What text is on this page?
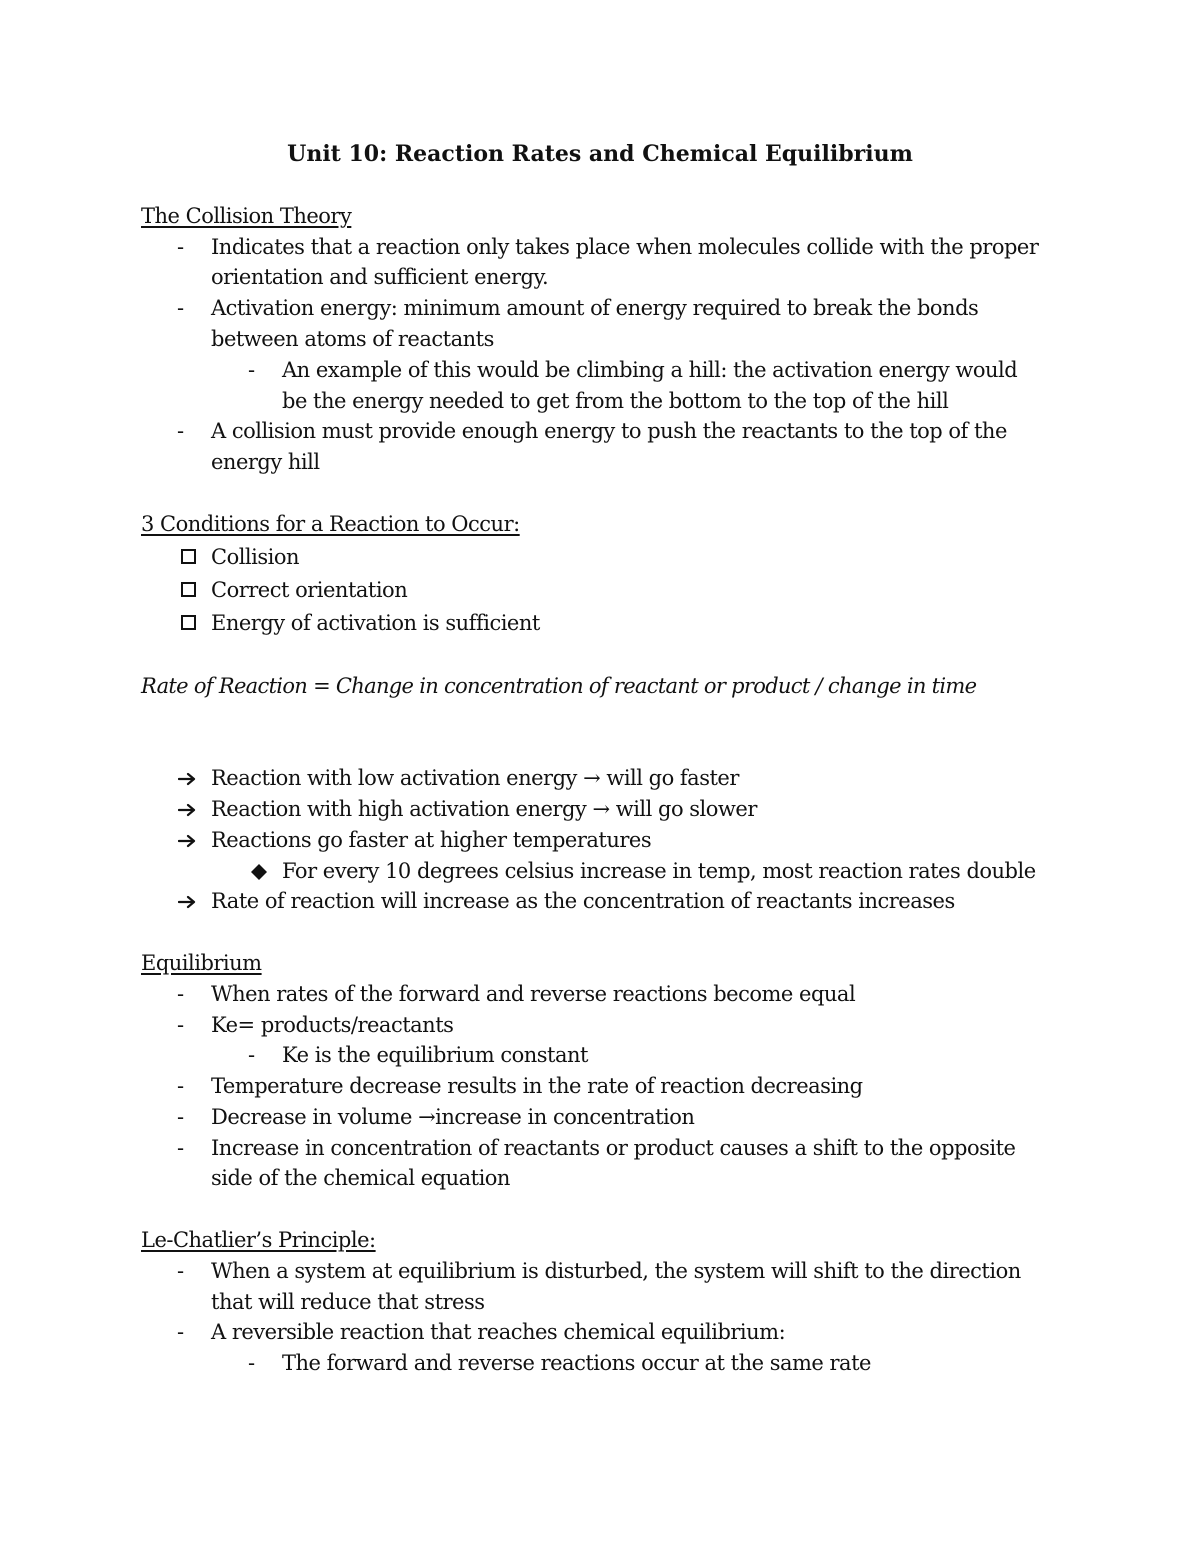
Unit 10: Reaction Rates and Chemical Equilibrium
The Collision Theory
- Indicates that a reaction only takes place when molecules collide with the proper
orientation and sufficient energy.
- Activation energy: minimum amount of energy required to break the bonds
between atoms of reactants
- An example of this would be climbing a hill: the activation energy would
be the energy needed to get from the bottom to the top of the hill
- A collision must provide enough energy to push the reactants to the top of the
energy hill
3 Conditions for a Reaction to Occur:
Collision
Correct orientation
Energy of activation is sufficient
Rate of Reaction = Change in concentration of reactant or product / change in time
Reaction with low activation energy → will go faster
Reaction with high activation energy → will go slower
Reactions go faster at higher temperatures
For every 10 degrees celsius increase in temp, most reaction rates double
Rate of reaction will increase as the concentration of reactants increases
Equilibrium
- When rates of the forward and reverse reactions become equal
- Ke= products/reactants
- Ke is the equilibrium constant
- Temperature decrease results in the rate of reaction decreasing
- Decrease in volume →increase in concentration
- Increase in concentration of reactants or product causes a shift to the opposite
side of the chemical equation
Le-Chatlier’s Principle:
- When a system at equilibrium is disturbed, the system will shift to the direction
that will reduce that stress
- A reversible reaction that reaches chemical equilibrium:
- The forward and reverse reactions occur at the same rate
